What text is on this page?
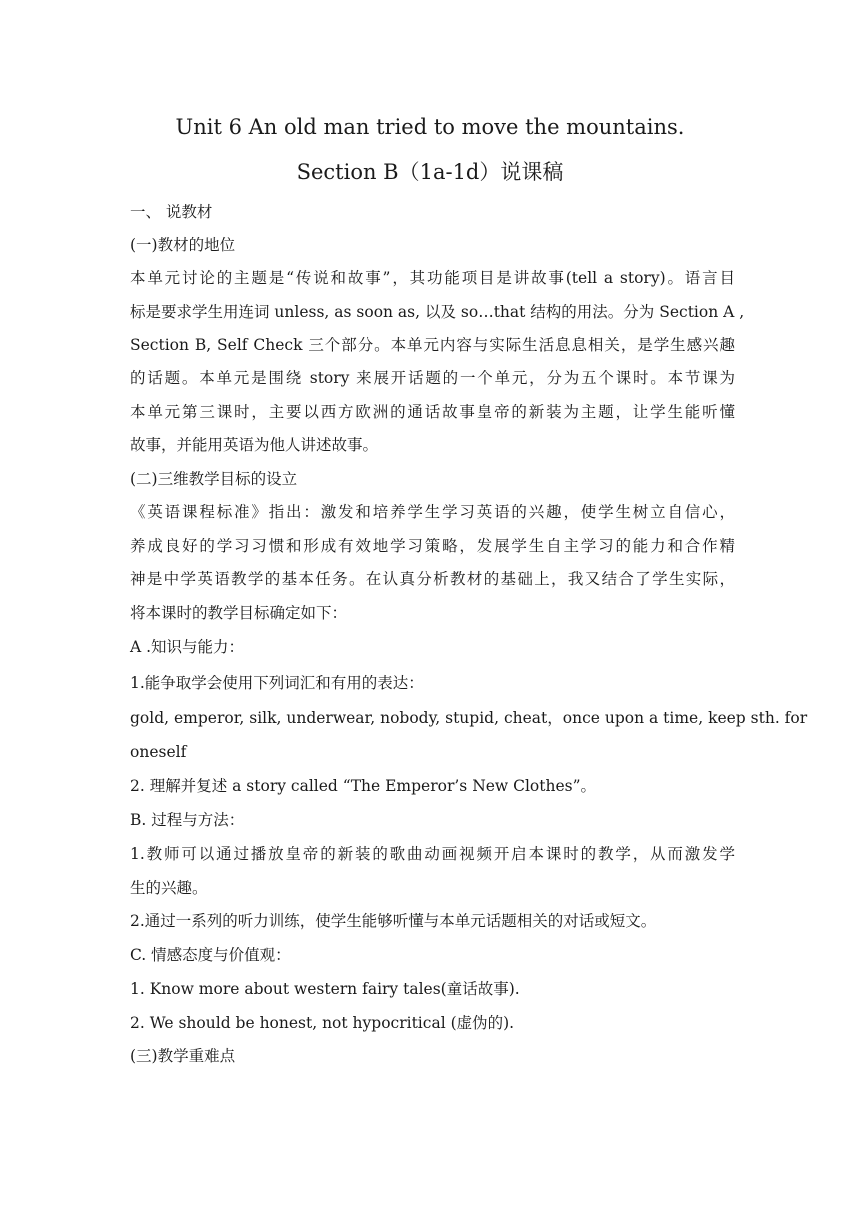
Unit 6 An old man tried to move the mountains.
Section B（1a-1d）说课稿
一、 说教材
(一)教材的地位
本单元讨论的主题是“传说和故事”，其功能项目是讲故事(tell a story)。语言目
标是要求学生用连词 unless, as soon as, 以及 so…that 结构的用法。分为 Section A ,
Section B, Self Check 三个部分。本单元内容与实际生活息息相关，是学生感兴趣
的话题。本单元是围绕 story 来展开话题的一个单元，分为五个课时。本节课为
本单元第三课时，主要以西方欧洲的通话故事皇帝的新装为主题，让学生能听懂
故事，并能用英语为他人讲述故事。
(二)三维教学目标的设立
《英语课程标准》指出：激发和培养学生学习英语的兴趣，使学生树立自信心，
养成良好的学习习惯和形成有效地学习策略，发展学生自主学习的能力和合作精
神是中学英语教学的基本任务。在认真分析教材的基础上，我又结合了学生实际，
将本课时的教学目标确定如下：
A .知识与能力：
1.能争取学会使用下列词汇和有用的表达：
gold, emperor, silk, underwear, nobody, stupid, cheat，once upon a time, keep sth. for
oneself
2. 理解并复述 a story called “The Emperor’s New Clothes”。
B. 过程与方法：
1.教师可以通过播放皇帝的新装的歌曲动画视频开启本课时的教学，从而激发学
生的兴趣。
2.通过一系列的听力训练，使学生能够听懂与本单元话题相关的对话或短文。
C. 情感态度与价值观：
1. Know more about western fairy tales(童话故事).
2. We should be honest, not hypocritical (虚伪的).
(三)教学重难点
